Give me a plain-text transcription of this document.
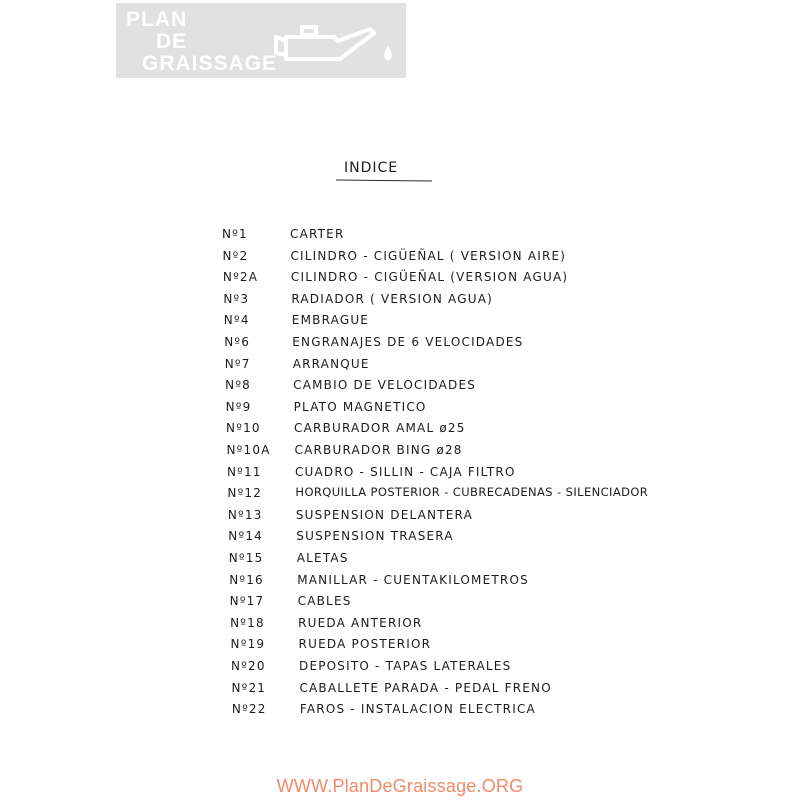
PLAN
DE
GRAISSAGE
INDICE
Nº1	CARTER
Nº2	CILINDRO - CIGÜEÑAL ( VERSION AIRE)
Nº2A	CILINDRO - CIGÜEÑAL (VERSION AGUA)
Nº3	RADIADOR ( VERSION AGUA)
Nº4	EMBRAGUE
Nº6	ENGRANAJES DE 6 VELOCIDADES
Nº7	ARRANQUE
Nº8	CAMBIO DE VELOCIDADES
Nº9	PLATO MAGNETICO
Nº10	CARBURADOR AMAL ø25
Nº10A CARBURADOR BING ø28
Nº11	CUADRO - SILLIN - CAJA FILTRO
Nº12	HORQUILLA POSTERIOR - CUBRECADENAS - SILENCIADOR
Nº13	SUSPENSION DELANTERA
Nº14	SUSPENSION TRASERA
Nº15	ALETAS
Nº16	MANILLAR - CUENTAKILOMETROS
Nº17	CABLES
Nº18	RUEDA ANTERIOR
Nº19	RUEDA POSTERIOR
Nº20	DEPOSITO - TAPAS LATERALES
Nº21	CABALLETE PARADA - PEDAL FRENO
Nº22	FAROS - INSTALACION ELECTRICA
WWW.PlanDeGraissage.ORG
